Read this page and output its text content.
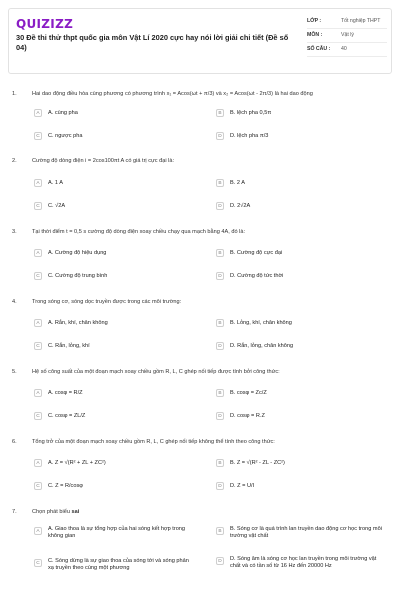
QUIZIZZ
30 Đề thi thử thpt quốc gia môn Vật Lí 2020 cực hay nói lời giải chi tiết (Đề số 04)
LỚP :	Tốt nghiệp THPT
MÔN :	Vật lý
SỐ CÂU :	40
1.	Hai dao động điều hòa cùng phương có phương trình x₁ = Acos(ωt + π/3) và x₂ = Acos(ωt - 2π/3) là hai dao động
A	A. cùng pha	B	B. lệch pha 0,5π
C	C. ngược pha	D	D. lệch pha π/3
2.	Cường độ dòng điện i = 2cos100πt A có giá trị cực đại là:
A	A. 1 A	B	B. 2 A
C	C. √2A	D	D. 2√2A
3.	Tại thời điểm t = 0,5 s cường độ dòng điện xoay chiều chạy qua mạch bằng 4A, đó là:
A	A. Cường độ hiệu dụng	B	B. Cường độ cực đại
C	C. Cường độ trung bình	D	D. Cường độ tức thời
4.	Trong sóng cơ, sóng dọc truyền được trong các môi trường:
A	A. Rắn, khí, chân không	B	B. Lỏng, khí, chân không
C	C. Rắn, lỏng, khí	D	D. Rắn, lỏng, chân không
5.	Hệ số công suất của một đoạn mạch xoay chiều gồm R, L, C ghép nối tiếp được tính bởi công thức:
A	A. cosφ = R/Z	B	B. cosφ = Zc/Z
C	C. cosφ = ZL/Z	D	D. cosφ = R.Z
6.	Tổng trở của một đoạn mạch xoay chiều gồm R, L, C ghép nối tiếp không thể tính theo công thức:
A	A. Z = √(R² + ZL + ZC²)	B	B. Z = √(R² - ZL - ZC²)
C	C. Z = R/cosφ	D	D. Z = U/I
7.	Chọn phát biểu sai
A	A. Giao thoa là sự tổng hợp của hai sóng kết hợp trong không gian
B	B. Sóng cơ là quá trình lan truyền dao động cơ học trong môi trường vật chất
C	C. Sóng dừng là sự giao thoa của sóng tới và sóng phản xạ truyền theo cùng một phương
D	D. Sóng âm là sóng cơ học lan truyền trong môi trường vật chất và có tần số từ 16 Hz đến 20000 Hz
